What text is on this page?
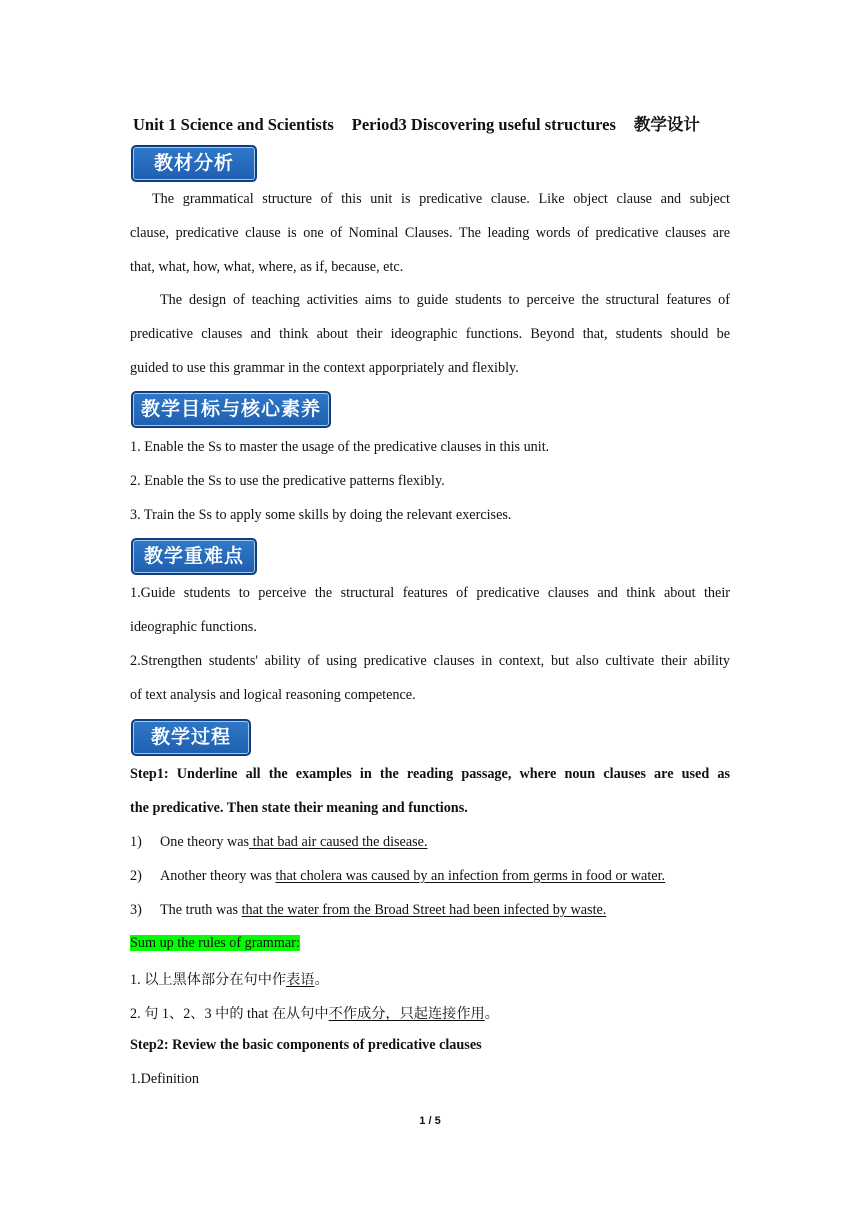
Unit 1 Science and Scientists Period3 Discovering useful structures 教学设计
教材分析
The grammatical structure of this unit is predicative clause. Like object clause and subject
clause, predicative clause is one of Nominal Clauses. The leading words of predicative clauses are
that, what, how, what, where, as if, because, etc.
The design of teaching activities aims to guide students to perceive the structural features of
predicative clauses and think about their ideographic functions. Beyond that, students should be
guided to use this grammar in the context apporpriately and flexibly.
教学目标与核心素养
1. Enable the Ss to master the usage of the predicative clauses in this unit.
2. Enable the Ss to use the predicative patterns flexibly.
3. Train the Ss to apply some skills by doing the relevant exercises.
教学重难点
1.Guide students to perceive the structural features of predicative clauses and think about their
ideographic functions.
2.Strengthen students' ability of using predicative clauses in context, but also cultivate their ability
of text analysis and logical reasoning competence.
教学过程
Step1: Underline all the examples in the reading passage, where noun clauses are used as
the predicative. Then state their meaning and functions.
1) One theory was that bad air caused the disease.
2) Another theory was that cholera was caused by an infection from germs in food or water.
3) The truth was that the water from the Broad Street had been infected by waste.
Sum up the rules of grammar:
1. 以上黑体部分在句中作表语。
2. 句 1、2、3 中的 that 在从句中不作成分，只起连接作用。
Step2: Review the basic components of predicative clauses
1.Definition
1 / 5
